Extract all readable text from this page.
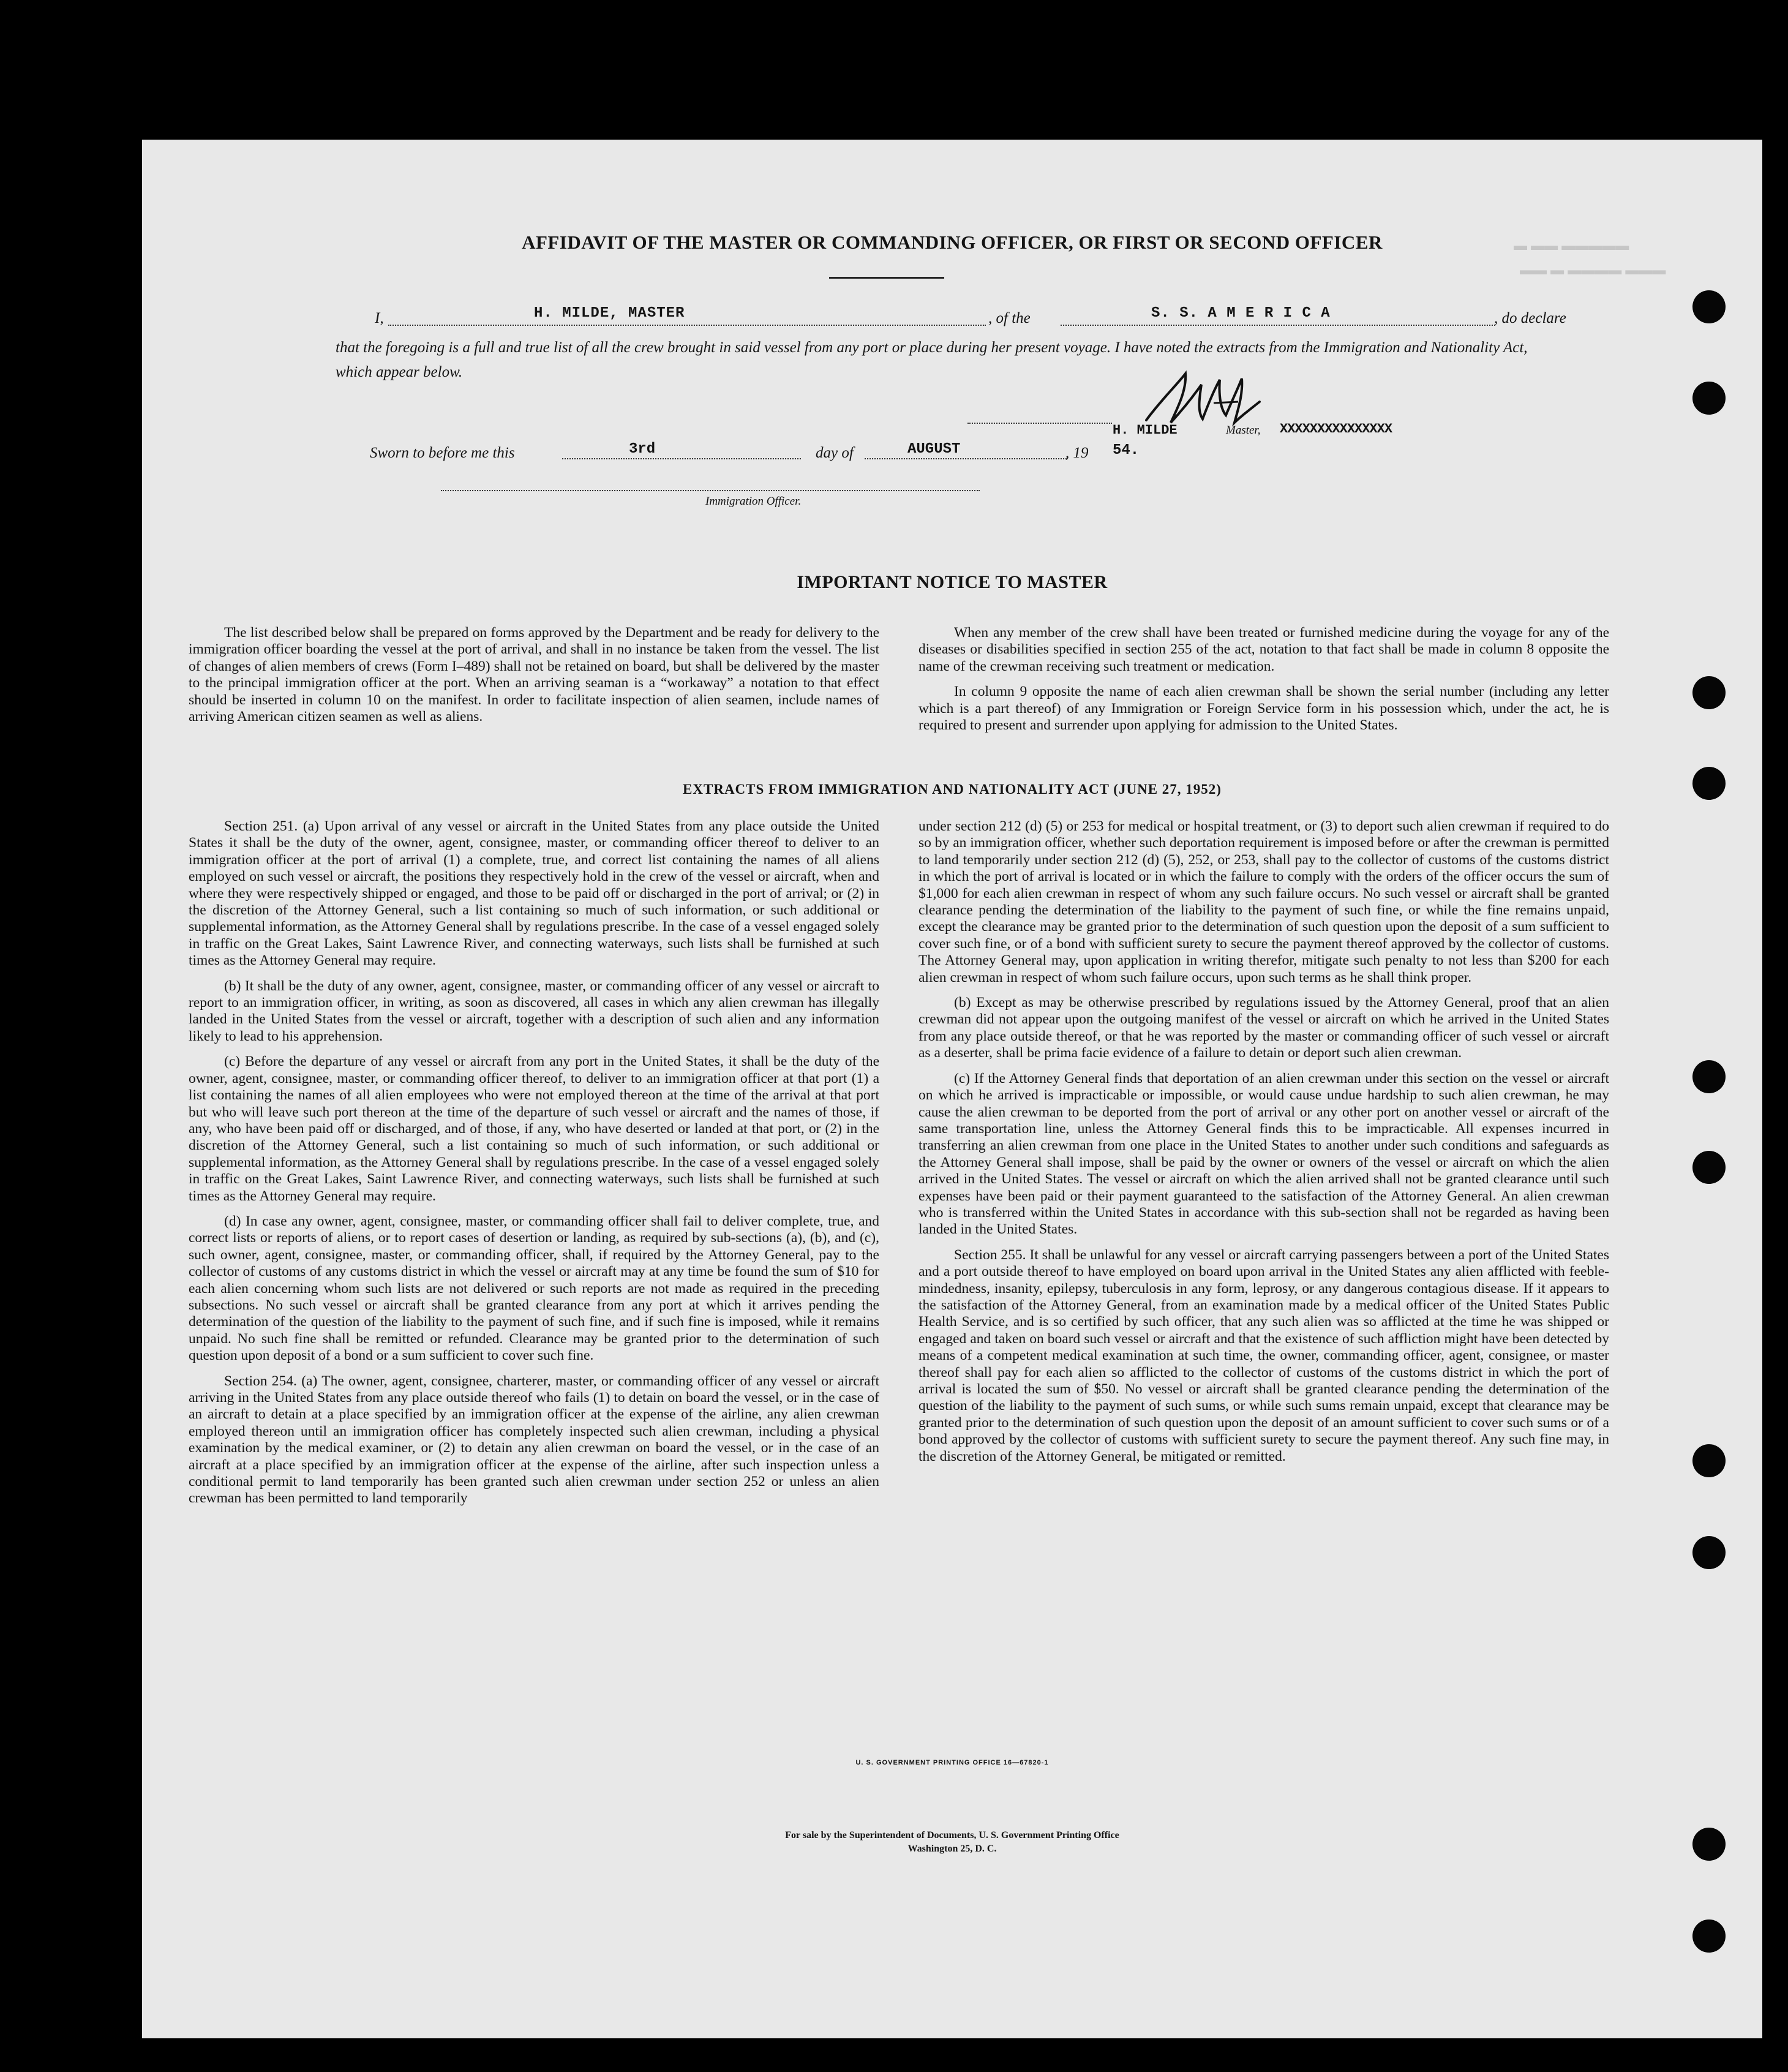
▬ ▬▬ ▬▬▬▬▬
▬▬ ▬ ▬▬▬▬ ▬▬▬
AFFIDAVIT OF THE MASTER OR COMMANDING OFFICER, OR FIRST OR SECOND OFFICER
I,	H. MILDE, MASTER	, of the	S. S. A M E R I C A	, do declare
that the foregoing is a full and true list of all the crew brought in said vessel from any port or place during her present voyage. I have noted the extracts from the Immigration and Nationality Act, which appear below.
H. MILDE	Master, XXXXXXXXXXXXXXX
Sworn to before me this	3rd	day of	AUGUST	, 19 54.
Immigration Officer.
IMPORTANT NOTICE TO MASTER

The list described below shall be prepared on forms approved by the Department and be ready for delivery to the immigration officer boarding the vessel at the port of arrival, and shall in no instance be taken from the vessel. The list of changes of alien members of crews (Form I–489) shall not be retained on board, but shall be delivered by the master to the principal immigration officer at the port. When an arriving seaman is a “workaway” a notation to that effect should be inserted in column 10 on the manifest. In order to facilitate inspection of alien seamen, include names of arriving American citizen seamen as well as aliens.

When any member of the crew shall have been treated or furnished medicine during the voyage for any of the diseases or disabilities specified in section 255 of the act, notation to that fact shall be made in column 8 opposite the name of the crewman receiving such treatment or medication.

In column 9 opposite the name of each alien crewman shall be shown the serial number (including any letter which is a part thereof) of any Immigration or Foreign Service form in his possession which, under the act, he is required to present and surrender upon applying for admission to the United States.

EXTRACTS FROM IMMIGRATION AND NATIONALITY ACT (JUNE 27, 1952)

Section 251. (a) Upon arrival of any vessel or aircraft in the United States from any place outside the United States it shall be the duty of the owner, agent, consignee, master, or commanding officer thereof to deliver to an immigration officer at the port of arrival (1) a complete, true, and correct list containing the names of all aliens employed on such vessel or aircraft, the positions they respectively hold in the crew of the vessel or aircraft, when and where they were respectively shipped or engaged, and those to be paid off or discharged in the port of arrival; or (2) in the discretion of the Attorney General, such a list containing so much of such information, or such additional or supplemental information, as the Attorney General shall by regulations prescribe. In the case of a vessel engaged solely in traffic on the Great Lakes, Saint Lawrence River, and connecting waterways, such lists shall be furnished at such times as the Attorney General may require.

(b) It shall be the duty of any owner, agent, consignee, master, or commanding officer of any vessel or aircraft to report to an immigration officer, in writing, as soon as discovered, all cases in which any alien crewman has illegally landed in the United States from the vessel or aircraft, together with a description of such alien and any information likely to lead to his apprehension.

(c) Before the departure of any vessel or aircraft from any port in the United States, it shall be the duty of the owner, agent, consignee, master, or commanding officer thereof, to deliver to an immigration officer at that port (1) a list containing the names of all alien employees who were not employed thereon at the time of the arrival at that port but who will leave such port thereon at the time of the departure of such vessel or aircraft and the names of those, if any, who have been paid off or discharged, and of those, if any, who have deserted or landed at that port, or (2) in the discretion of the Attorney General, such a list containing so much of such information, or such additional or supplemental information, as the Attorney General shall by regulations prescribe. In the case of a vessel engaged solely in traffic on the Great Lakes, Saint Lawrence River, and connecting waterways, such lists shall be furnished at such times as the Attorney General may require.

(d) In case any owner, agent, consignee, master, or commanding officer shall fail to deliver complete, true, and correct lists or reports of aliens, or to report cases of desertion or landing, as required by sub-sections (a), (b), and (c), such owner, agent, consignee, master, or commanding officer, shall, if required by the Attorney General, pay to the collector of customs of any customs district in which the vessel or aircraft may at any time be found the sum of $10 for each alien concerning whom such lists are not delivered or such reports are not made as required in the preceding subsections. No such vessel or aircraft shall be granted clearance from any port at which it arrives pending the determination of the question of the liability to the payment of such fine, and if such fine is imposed, while it remains unpaid. No such fine shall be remitted or refunded. Clearance may be granted prior to the determination of such question upon deposit of a bond or a sum sufficient to cover such fine.

Section 254. (a) The owner, agent, consignee, charterer, master, or commanding officer of any vessel or aircraft arriving in the United States from any place outside thereof who fails (1) to detain on board the vessel, or in the case of an aircraft to detain at a place specified by an immigration officer at the expense of the airline, any alien crewman employed thereon until an immigration officer has completely inspected such alien crewman, including a physical examination by the medical examiner, or (2) to detain any alien crewman on board the vessel, or in the case of an aircraft at a place specified by an immigration officer at the expense of the airline, after such inspection unless a conditional permit to land temporarily has been granted such alien crewman under section 252 or unless an alien crewman has been permitted to land temporarily

under section 212 (d) (5) or 253 for medical or hospital treatment, or (3) to deport such alien crewman if required to do so by an immigration officer, whether such deportation requirement is imposed before or after the crewman is permitted to land temporarily under section 212 (d) (5), 252, or 253, shall pay to the collector of customs of the customs district in which the port of arrival is located or in which the failure to comply with the orders of the officer occurs the sum of $1,000 for each alien crewman in respect of whom any such failure occurs. No such vessel or aircraft shall be granted clearance pending the determination of the liability to the payment of such fine, or while the fine remains unpaid, except the clearance may be granted prior to the determination of such question upon the deposit of a sum sufficient to cover such fine, or of a bond with sufficient surety to secure the payment thereof approved by the collector of customs. The Attorney General may, upon application in writing therefor, mitigate such penalty to not less than $200 for each alien crewman in respect of whom such failure occurs, upon such terms as he shall think proper.

(b) Except as may be otherwise prescribed by regulations issued by the Attorney General, proof that an alien crewman did not appear upon the outgoing manifest of the vessel or aircraft on which he arrived in the United States from any place outside thereof, or that he was reported by the master or commanding officer of such vessel or aircraft as a deserter, shall be prima facie evidence of a failure to detain or deport such alien crewman.

(c) If the Attorney General finds that deportation of an alien crewman under this section on the vessel or aircraft on which he arrived is impracticable or impossible, or would cause undue hardship to such alien crewman, he may cause the alien crewman to be deported from the port of arrival or any other port on another vessel or aircraft of the same transportation line, unless the Attorney General finds this to be impracticable. All expenses incurred in transferring an alien crewman from one place in the United States to another under such conditions and safeguards as the Attorney General shall impose, shall be paid by the owner or owners of the vessel or aircraft on which the alien arrived in the United States. The vessel or aircraft on which the alien arrived shall not be granted clearance until such expenses have been paid or their payment guaranteed to the satisfaction of the Attorney General. An alien crewman who is transferred within the United States in accordance with this sub-section shall not be regarded as having been landed in the United States.

Section 255. It shall be unlawful for any vessel or aircraft carrying passengers between a port of the United States and a port outside thereof to have employed on board upon arrival in the United States any alien afflicted with feeble-mindedness, insanity, epilepsy, tuberculosis in any form, leprosy, or any dangerous contagious disease. If it appears to the satisfaction of the Attorney General, from an examination made by a medical officer of the United States Public Health Service, and is so certified by such officer, that any such alien was so afflicted at the time he was shipped or engaged and taken on board such vessel or aircraft and that the existence of such affliction might have been detected by means of a competent medical examination at such time, the owner, commanding officer, agent, consignee, or master thereof shall pay for each alien so afflicted to the collector of customs of the customs district in which the port of arrival is located the sum of $50. No vessel or aircraft shall be granted clearance pending the determination of the question of the liability to the payment of such sums, or while such sums remain unpaid, except that clearance may be granted prior to the determination of such question upon the deposit of an amount sufficient to cover such sums or of a bond approved by the collector of customs with sufficient surety to secure the payment thereof. Any such fine may, in the discretion of the Attorney General, be mitigated or remitted.

U. S. GOVERNMENT PRINTING OFFICE 16—67820-1
For sale by the Superintendent of Documents, U. S. Government Printing Office
Washington 25, D. C.
